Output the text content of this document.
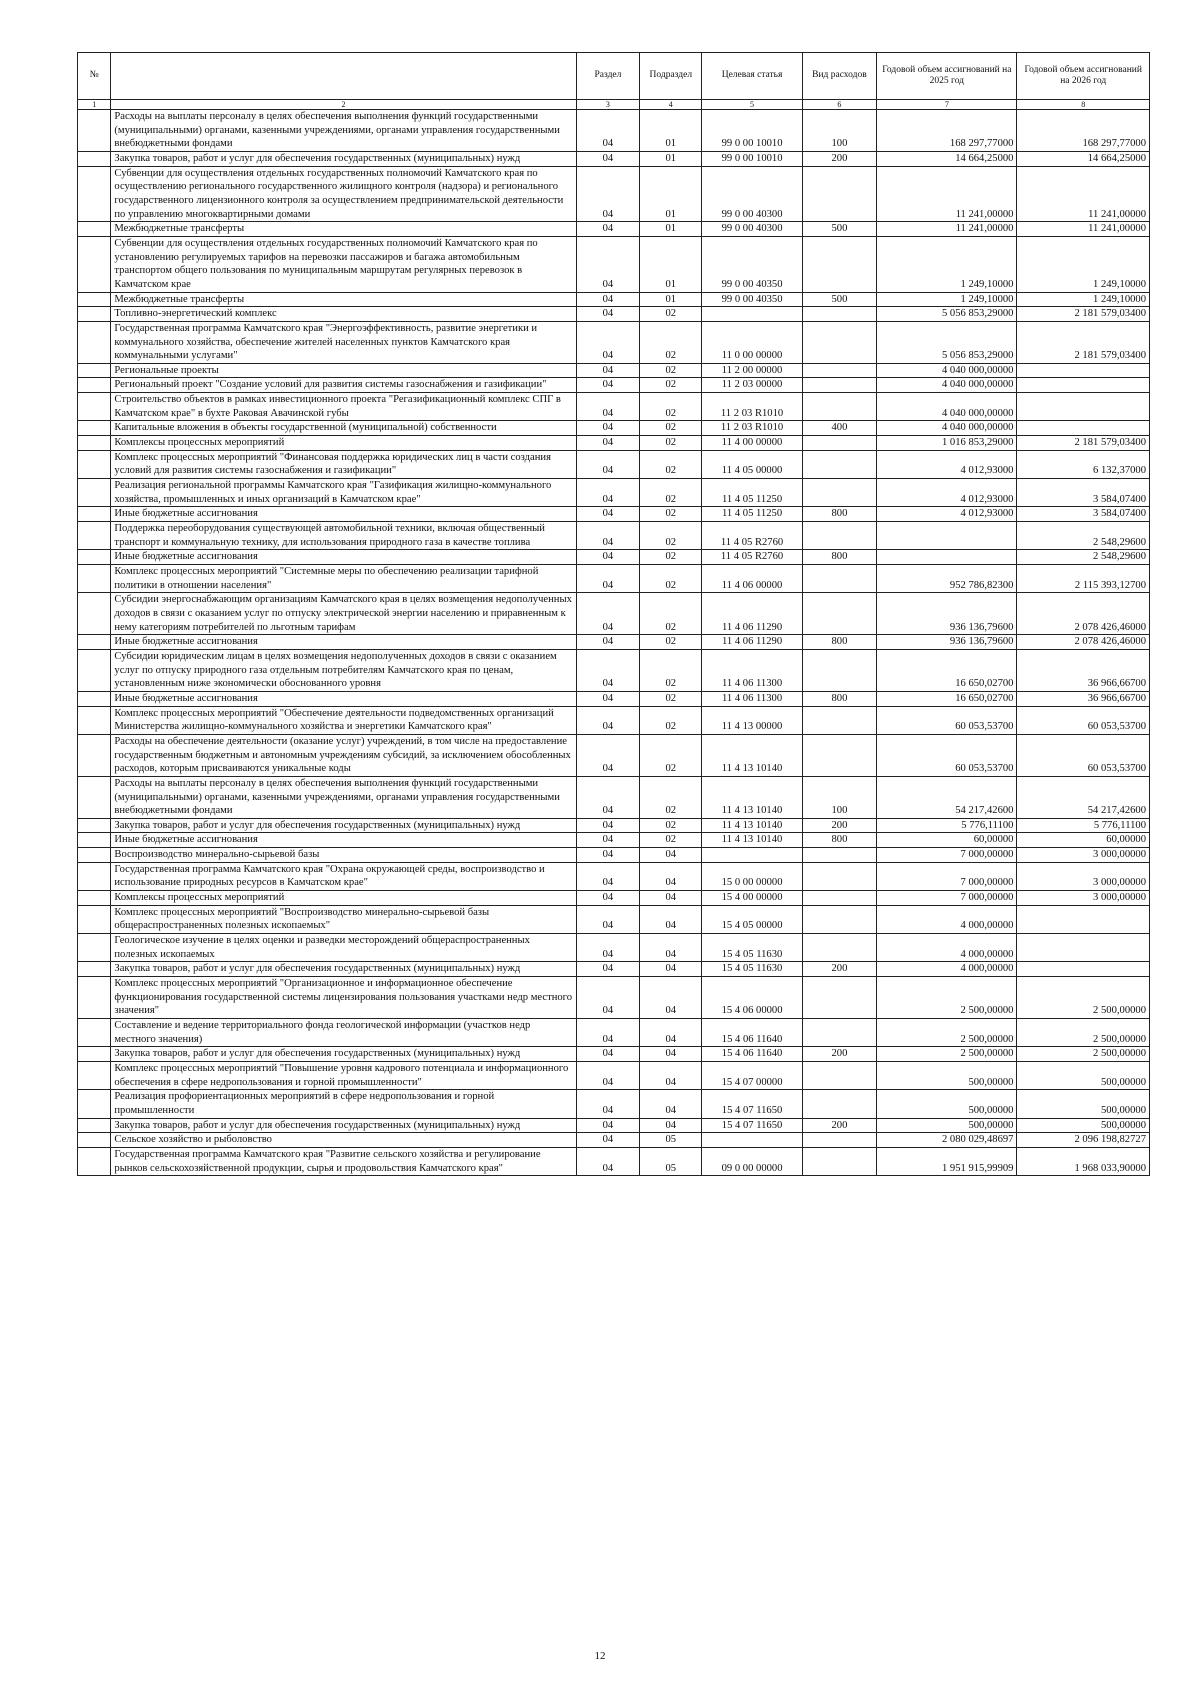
№		Раздел	Подраздел	Целевая статья	Вид расходов	Годовой объем ассигнований на 2025 год	Годовой объем ассигнований на 2026 год
1	2	3	4	5	6	7	8
	Расходы на выплаты персоналу в целях обеспечения выполнения функций государственными (муниципальными) органами, казенными учреждениями, органами управления государственными внебюджетными фондами	04	01	99 0 00 10010	100	168 297,77000	168 297,77000
	Закупка товаров, работ и услуг для обеспечения государственных (муниципальных) нужд	04	01	99 0 00 10010	200	14 664,25000	14 664,25000
	Субвенции для осуществления отдельных государственных полномочий Камчатского края по осуществлению регионального государственного жилищного контроля (надзора) и регионального государственного лицензионного контроля за осуществлением предпринимательской деятельности по управлению многоквартирными домами	04	01	99 0 00 40300		11 241,00000	11 241,00000
	Межбюджетные трансферты	04	01	99 0 00 40300	500	11 241,00000	11 241,00000
	Субвенции для осуществления отдельных государственных полномочий Камчатского края по установлению регулируемых тарифов на перевозки пассажиров и багажа автомобильным транспортом общего пользования по муниципальным маршрутам регулярных перевозок в Камчатском крае	04	01	99 0 00 40350		1 249,10000	1 249,10000
	Межбюджетные трансферты	04	01	99 0 00 40350	500	1 249,10000	1 249,10000
	Топливно-энергетический комплекс	04	02			5 056 853,29000	2 181 579,03400
	Государственная программа Камчатского края "Энергоэффективность, развитие энергетики и коммунального хозяйства, обеспечение жителей населенных пунктов Камчатского края коммунальными услугами"	04	02	11 0 00 00000		5 056 853,29000	2 181 579,03400
	Региональные проекты	04	02	11 2 00 00000		4 040 000,00000	
	Региональный проект "Создание условий для развития системы газоснабжения и газификации"	04	02	11 2 03 00000		4 040 000,00000	
	Строительство объектов в рамках инвестиционного проекта "Регазификационный комплекс СПГ в Камчатском крае" в бухте Раковая Авачинской губы	04	02	11 2 03 R1010		4 040 000,00000	
	Капитальные вложения в объекты государственной (муниципальной) собственности	04	02	11 2 03 R1010	400	4 040 000,00000	
	Комплексы процессных мероприятий	04	02	11 4 00 00000		1 016 853,29000	2 181 579,03400
	Комплекс процессных мероприятий "Финансовая поддержка юридических лиц в части создания условий для развития системы газоснабжения и газификации"	04	02	11 4 05 00000		4 012,93000	6 132,37000
	Реализация региональной программы Камчатского края "Газификация жилищно-коммунального хозяйства, промышленных и иных организаций в Камчатском крае"	04	02	11 4 05 11250		4 012,93000	3 584,07400
	Иные бюджетные ассигнования	04	02	11 4 05 11250	800	4 012,93000	3 584,07400
	Поддержка переоборудования существующей автомобильной техники, включая общественный транспорт и коммунальную технику, для использования природного газа в качестве топлива	04	02	11 4 05 R2760			2 548,29600
	Иные бюджетные ассигнования	04	02	11 4 05 R2760	800		2 548,29600
	Комплекс процессных мероприятий "Системные меры по обеспечению реализации тарифной политики в отношении населения"	04	02	11 4 06 00000		952 786,82300	2 115 393,12700
	Субсидии энергоснабжающим организациям Камчатского края в целях возмещения недополученных доходов в связи с оказанием услуг по отпуску электрической энергии населению и приравненным к нему категориям потребителей по льготным тарифам	04	02	11 4 06 11290		936 136,79600	2 078 426,46000
	Иные бюджетные ассигнования	04	02	11 4 06 11290	800	936 136,79600	2 078 426,46000
	Субсидии юридическим лицам в целях возмещения недополученных доходов в связи с оказанием услуг по отпуску природного газа отдельным потребителям Камчатского края по ценам, установленным ниже экономически обоснованного уровня	04	02	11 4 06 11300		16 650,02700	36 966,66700
	Иные бюджетные ассигнования	04	02	11 4 06 11300	800	16 650,02700	36 966,66700
	Комплекс процессных мероприятий "Обеспечение деятельности подведомственных организаций Министерства жилищно-коммунального хозяйства и энергетики Камчатского края"	04	02	11 4 13 00000		60 053,53700	60 053,53700
	Расходы на обеспечение деятельности (оказание услуг) учреждений, в том числе на предоставление государственным бюджетным и автономным учреждениям субсидий, за исключением обособленных расходов, которым присваиваются уникальные коды	04	02	11 4 13 10140		60 053,53700	60 053,53700
	Расходы на выплаты персоналу в целях обеспечения выполнения функций государственными (муниципальными) органами, казенными учреждениями, органами управления государственными внебюджетными фондами	04	02	11 4 13 10140	100	54 217,42600	54 217,42600
	Закупка товаров, работ и услуг для обеспечения государственных (муниципальных) нужд	04	02	11 4 13 10140	200	5 776,11100	5 776,11100
	Иные бюджетные ассигнования	04	02	11 4 13 10140	800	60,00000	60,00000
	Воспроизводство минерально-сырьевой базы	04	04			7 000,00000	3 000,00000
	Государственная программа Камчатского края "Охрана окружающей среды, воспроизводство и использование природных ресурсов в Камчатском крае"	04	04	15 0 00 00000		7 000,00000	3 000,00000
	Комплексы процессных мероприятий	04	04	15 4 00 00000		7 000,00000	3 000,00000
	Комплекс процессных мероприятий "Воспроизводство минерально-сырьевой базы общераспространенных полезных ископаемых"	04	04	15 4 05 00000		4 000,00000	
	Геологическое изучение в целях оценки и разведки месторождений общераспространенных полезных ископаемых	04	04	15 4 05 11630		4 000,00000	
	Закупка товаров, работ и услуг для обеспечения государственных (муниципальных) нужд	04	04	15 4 05 11630	200	4 000,00000	
	Комплекс процессных мероприятий "Организационное и информационное обеспечение функционирования государственной системы лицензирования пользования участками недр местного значения"	04	04	15 4 06 00000		2 500,00000	2 500,00000
	Составление и ведение территориального фонда геологической информации (участков недр местного значения)	04	04	15 4 06 11640		2 500,00000	2 500,00000
	Закупка товаров, работ и услуг для обеспечения государственных (муниципальных) нужд	04	04	15 4 06 11640	200	2 500,00000	2 500,00000
	Комплекс процессных мероприятий "Повышение уровня кадрового потенциала и информационного обеспечения в сфере недропользования и горной промышленности"	04	04	15 4 07 00000		500,00000	500,00000
	Реализация профориентационных мероприятий в сфере недропользования и горной промышленности	04	04	15 4 07 11650		500,00000	500,00000
	Закупка товаров, работ и услуг для обеспечения государственных (муниципальных) нужд	04	04	15 4 07 11650	200	500,00000	500,00000
	Сельское хозяйство и рыболовство	04	05			2 080 029,48697	2 096 198,82727
	Государственная программа Камчатского края "Развитие сельского хозяйства и регулирование рынков сельскохозяйственной продукции, сырья и продовольствия Камчатского края"	04	05	09 0 00 00000		1 951 915,99909	1 968 033,90000
12
